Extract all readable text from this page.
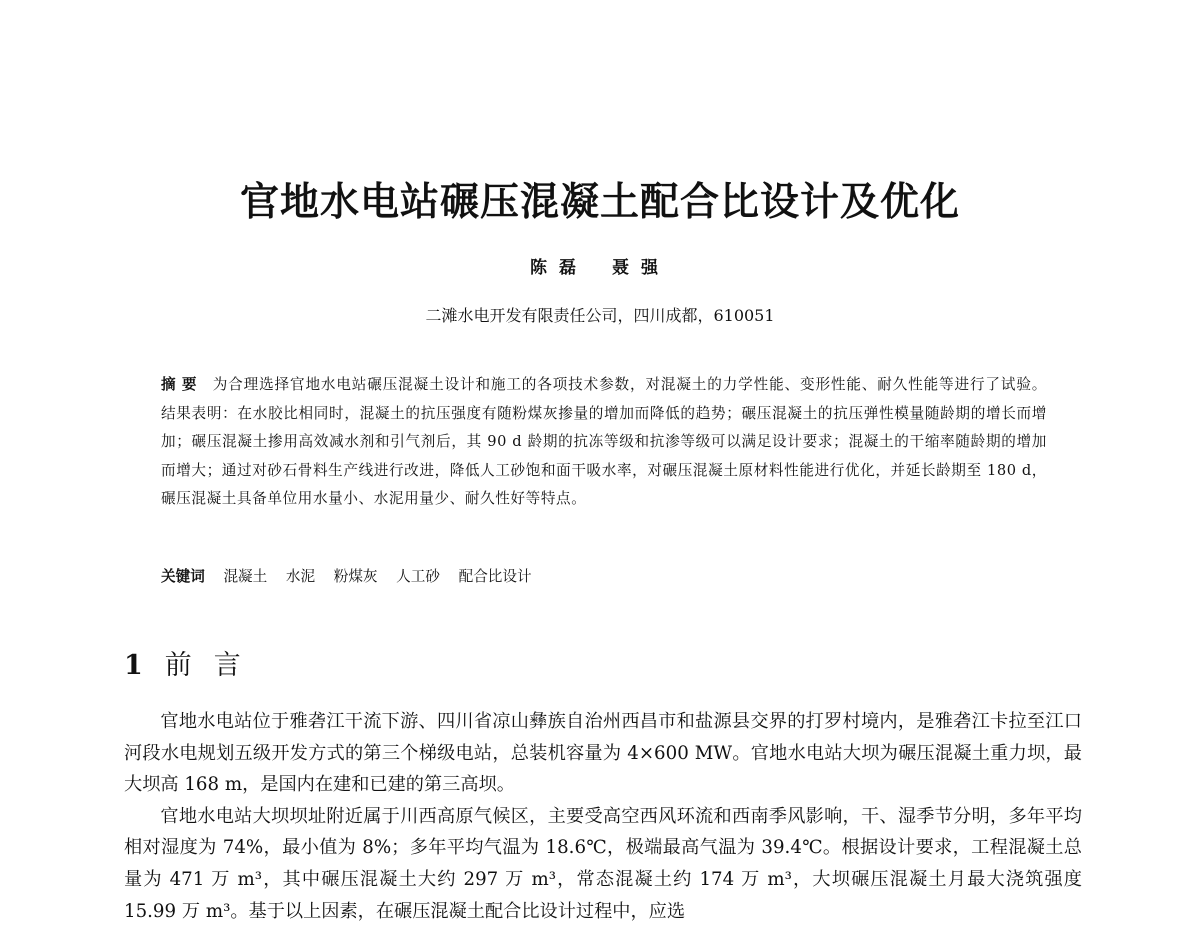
官地水电站碾压混凝土配合比设计及优化
陈磊 聂强
二滩水电开发有限责任公司，四川成都，610051

摘要 为合理选择官地水电站碾压混凝土设计和施工的各项技术参数，对混凝土的力学性能、变形性能、耐久性能等进行了试验。结果表明：在水胶比相同时，混凝土的抗压强度有随粉煤灰掺量的增加而降低的趋势；碾压混凝土的抗压弹性模量随龄期的增长而增加；碾压混凝土掺用高效减水剂和引气剂后，其 90 d 龄期的抗冻等级和抗渗等级可以满足设计要求；混凝土的干缩率随龄期的增加而增大；通过对砂石骨料生产线进行改进，降低人工砂饱和面干吸水率，对碾压混凝土原材料性能进行优化，并延长龄期至 180 d，碾压混凝土具备单位用水量小、水泥用量少、耐久性好等特点。

关键词 混凝土 水泥 粉煤灰 人工砂 配合比设计
1 前言

官地水电站位于雅砻江干流下游、四川省凉山彝族自治州西昌市和盐源县交界的打罗村境内，是雅砻江卡拉至江口河段水电规划五级开发方式的第三个梯级电站，总装机容量为 4×600 MW。官地水电站大坝为碾压混凝土重力坝，最大坝高 168 m，是国内在建和已建的第三高坝。

官地水电站大坝坝址附近属于川西高原气候区，主要受高空西风环流和西南季风影响，干、湿季节分明，多年平均相对湿度为 74%，最小值为 8%；多年平均气温为 18.6℃，极端最高气温为 39.4℃。根据设计要求，工程混凝土总量为 471 万 m³，其中碾压混凝土大约 297 万 m³，常态混凝土约 174 万 m³，大坝碾压混凝土月最大浇筑强度 15.99 万 m³。基于以上因素，在碾压混凝土配合比设计过程中，应选
